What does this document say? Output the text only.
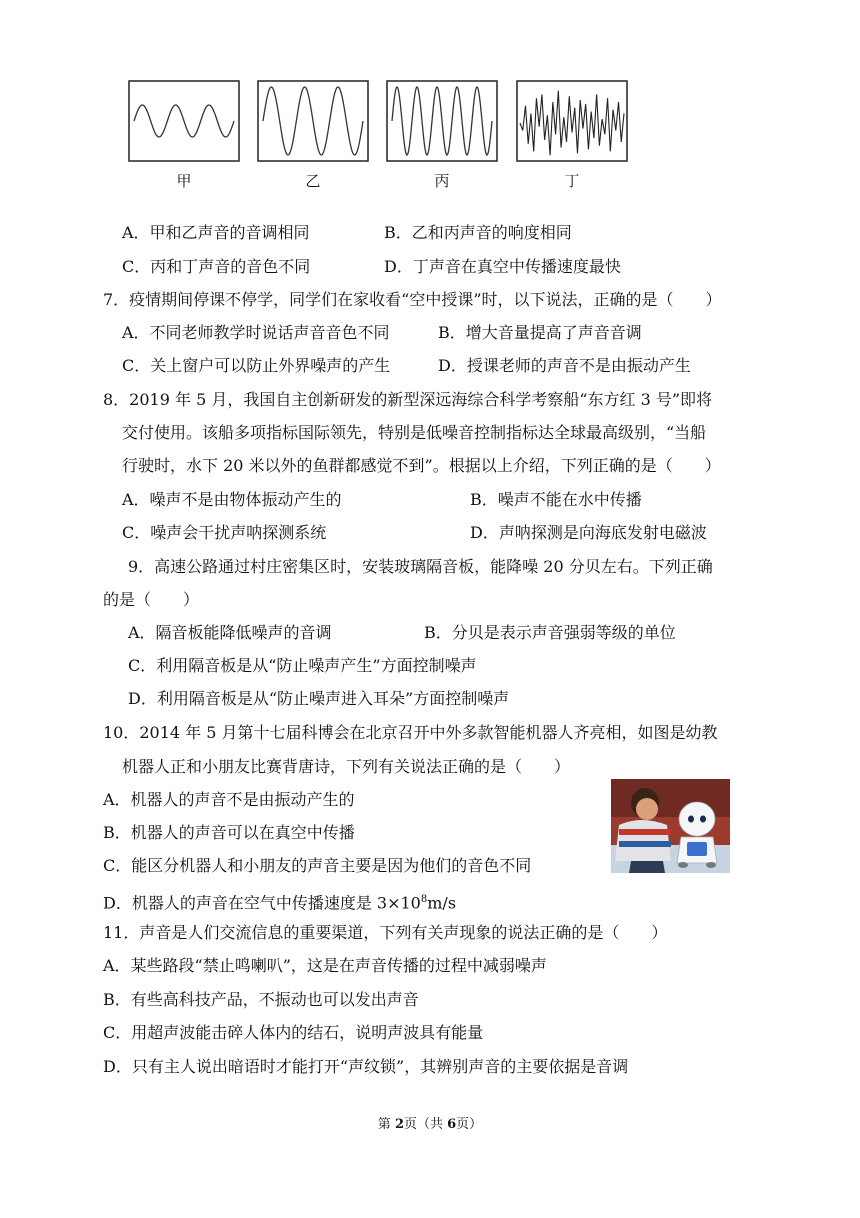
甲	乙	丙	丁
A．甲和乙声音的音调相同	B．乙和丙声音的响度相同
C．丙和丁声音的音色不同	D．丁声音在真空中传播速度最快
7．疫情期间停课不停学，同学们在家收看“空中授课”时，以下说法，正确的是（　　）
A．不同老师教学时说话声音音色不同	B．增大音量提高了声音音调
C．关上窗户可以防止外界噪声的产生	D．授课老师的声音不是由振动产生
8．2019 年 5 月，我国自主创新研发的新型深远海综合科学考察船“东方红 3 号”即将
交付使用。该船多项指标国际领先，特别是低噪音控制指标达全球最高级别，“当船
行驶时，水下 20 米以外的鱼群都感觉不到”。根据以上介绍，下列正确的是（　　）
A．噪声不是由物体振动产生的	B．噪声不能在水中传播
C．噪声会干扰声呐探测系统	D．声呐探测是向海底发射电磁波
9．高速公路通过村庄密集区时，安装玻璃隔音板，能降噪 20 分贝左右。下列正确
的是（　　）
A．隔音板能降低噪声的音调	B．分贝是表示声音强弱等级的单位
C．利用隔音板是从“防止噪声产生”方面控制噪声
D．利用隔音板是从“防止噪声进入耳朵”方面控制噪声
10．2014 年 5 月第十七届科博会在北京召开中外多款智能机器人齐亮相，如图是幼教
机器人正和小朋友比赛背唐诗，下列有关说法正确的是（　　）
A．机器人的声音不是由振动产生的
B．机器人的声音可以在真空中传播
C．能区分机器人和小朋友的声音主要是因为他们的音色不同
D．机器人的声音在空气中传播速度是 $3\times 10^8m/s$
11．声音是人们交流信息的重要渠道，下列有关声现象的说法正确的是（　　）
A．某些路段“禁止鸣喇叭”，这是在声音传播的过程中减弱噪声
B．有些高科技产品，不振动也可以发出声音
C．用超声波能击碎人体内的结石，说明声波具有能量
D．只有主人说出暗语时才能打开“声纹锁”，其辨别声音的主要依据是音调
第 2页（共 6页）
